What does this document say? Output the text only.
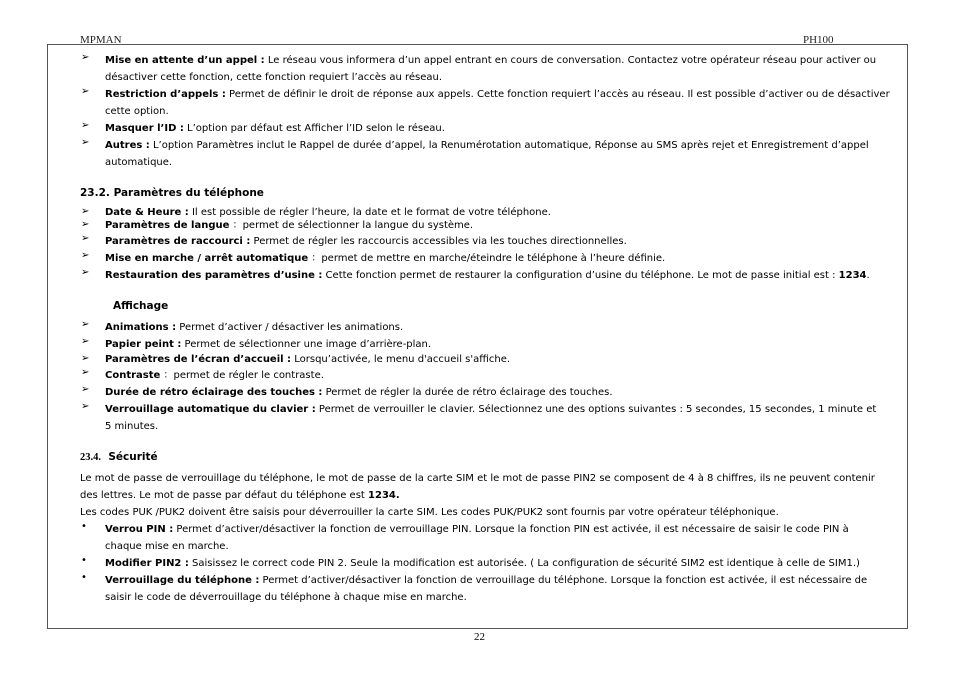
MPMAN	PH100
➢	Mise en attente d’un appel : Le réseau vous informera d’un appel entrant en cours de conversation. Contactez votre opérateur réseau pour activer ou

désactiver cette fonction, cette fonction requiert l’accès au réseau.

➢	Restriction d’appels : Permet de définir le droit de réponse aux appels. Cette fonction requiert l’accès au réseau. Il est possible d’activer ou de désactiver

cette option.

➢	Masquer l’ID : L’option par défaut est Afficher l’ID selon le réseau.

➢	Autres : L’option Paramètres inclut le Rappel de durée d’appel, la Renumérotation automatique, Réponse au SMS après rejet et Enregistrement d’appel

automatique.

23.2. Paramètres du téléphone

➢	Date & Heure : Il est possible de régler l’heure, la date et le format de votre téléphone.

➢	Paramètres de langue ：permet de sélectionner la langue du système.

➢	Paramètres de raccourci : Permet de régler les raccourcis accessibles via les touches directionnelles.

➢	Mise en marche / arrêt automatique ：permet de mettre en marche/éteindre le téléphone à l’heure définie.

➢	Restauration des paramètres d’usine : Cette fonction permet de restaurer la configuration d’usine du téléphone. Le mot de passe initial est : 1234.

Affichage

➢	Animations : Permet d’activer / désactiver les animations.

➢	Papier peint : Permet de sélectionner une image d’arrière-plan.

➢	Paramètres de l’écran d’accueil : Lorsqu’activée, le menu d'accueil s'affiche.

➢	Contraste ：permet de régler le contraste.

➢	Durée de rétro éclairage des touches : Permet de régler la durée de rétro éclairage des touches.

➢	Verrouillage automatique du clavier : Permet de verrouiller le clavier. Sélectionnez une des options suivantes : 5 secondes, 15 secondes, 1 minute et

5 minutes.

23.4. Sécurité

Le mot de passe de verrouillage du téléphone, le mot de passe de la carte SIM et le mot de passe PIN2 se composent de 4 à 8 chiffres, ils ne peuvent contenir

des lettres. Le mot de passe par défaut du téléphone est 1234.

Les codes PUK /PUK2 doivent être saisis pour déverrouiller la carte SIM. Les codes PUK/PUK2 sont fournis par votre opérateur téléphonique.

•	Verrou PIN : Permet d’activer/désactiver la fonction de verrouillage PIN. Lorsque la fonction PIN est activée, il est nécessaire de saisir le code PIN à

chaque mise en marche.

•	Modifier PIN2 : Saisissez le correct code PIN 2. Seule la modification est autorisée. ( La configuration de sécurité SIM2 est identique à celle de SIM1.)

•	Verrouillage du téléphone : Permet d’activer/désactiver la fonction de verrouillage du téléphone. Lorsque la fonction est activée, il est nécessaire de

saisir le code de déverrouillage du téléphone à chaque mise en marche.

22
